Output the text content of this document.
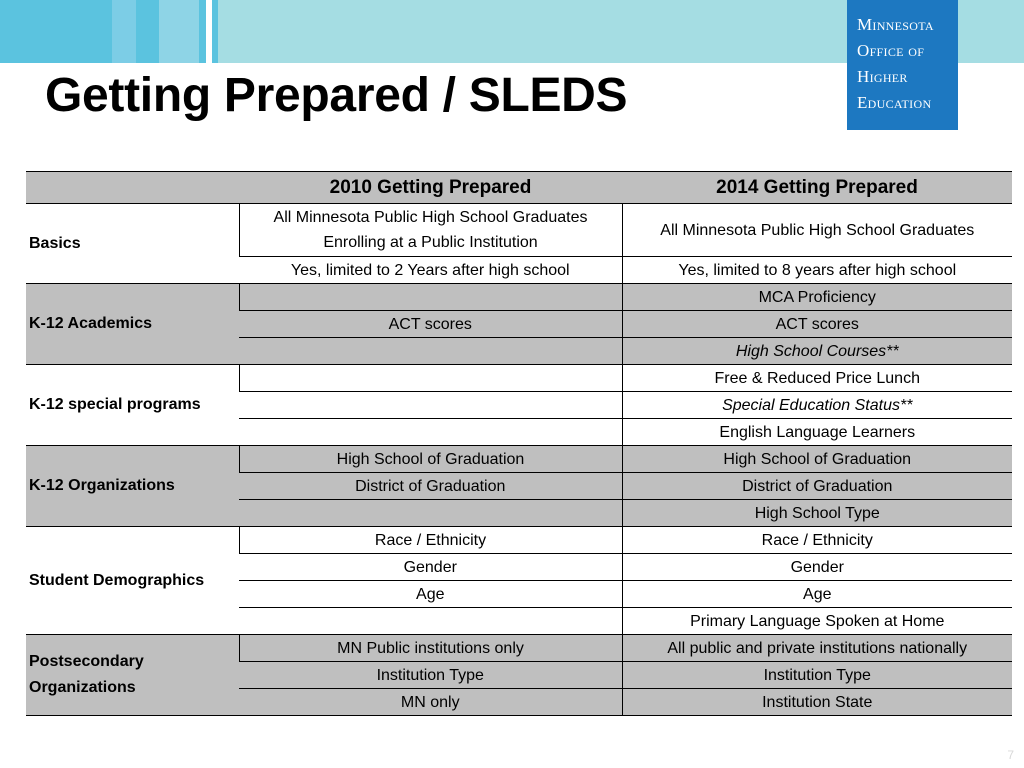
Minnesota
Office of
Higher
Education
Getting Prepared / SLEDS
	2010 Getting Prepared	2014 Getting Prepared
Basics	All Minnesota Public High School Graduates Enrolling at a Public Institution	All Minnesota Public High School Graduates
	Yes, limited to 2 Years after high school	Yes, limited to 8 years after high school
K-12 Academics		MCA Proficiency
	ACT scores	ACT scores
		High School Courses**
K-12 special programs		Free & Reduced Price Lunch
		Special Education Status**
		English Language Learners
K-12 Organizations	High School of Graduation	High School of Graduation
	District of Graduation	District of Graduation
		High School Type
Student Demographics	Race / Ethnicity	Race / Ethnicity
	Gender	Gender
	Age	Age
		Primary Language Spoken at Home
Postsecondary Organizations	MN Public institutions only	All public and private institutions nationally
	Institution Type	Institution Type
	MN only	Institution State
7
